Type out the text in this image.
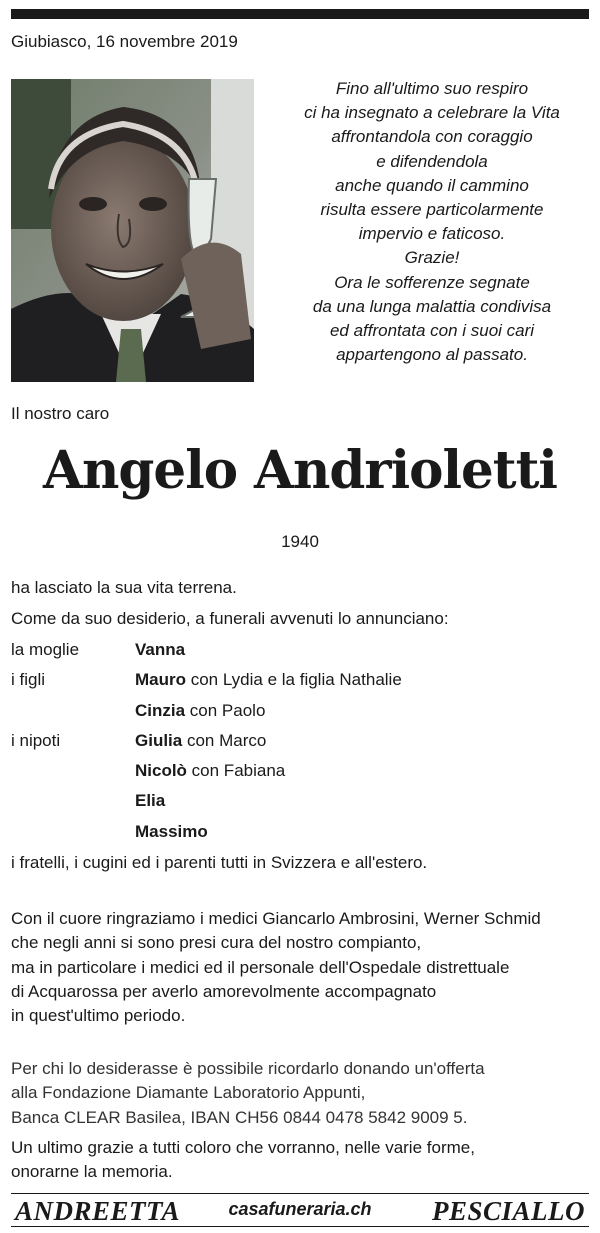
Giubiasco, 16 novembre 2019
Fino all'ultimo suo respiro
ci ha insegnato a celebrare la Vita
affrontandola con coraggio
e difendendola
anche quando il cammino
risulta essere particolarmente
impervio e faticoso.
Grazie!
Ora le sofferenze segnate
da una lunga malattia condivisa
ed affrontata con i suoi cari
appartengono al passato.
Il nostro caro
Angelo Andrioletti
1940
ha lasciato la sua vita terrena.
Come da suo desiderio, a funerali avvenuti lo annunciano:
la moglie	Vanna
i figli	Mauro con Lydia e la figlia Nathalie
Cinzia con Paolo
i nipoti	Giulia con Marco
Nicolò con Fabiana
Elia
Massimo
i fratelli, i cugini ed i parenti tutti in Svizzera e all'estero.
Con il cuore ringraziamo i medici Giancarlo Ambrosini, Werner Schmid
che negli anni si sono presi cura del nostro compianto,
ma in particolare i medici ed il personale dell'Ospedale distrettuale
di Acquarossa per averlo amorevolmente accompagnato
in quest'ultimo periodo.
Per chi lo desiderasse è possibile ricordarlo donando un'offerta
alla Fondazione Diamante Laboratorio Appunti,
Banca CLEAR Basilea, IBAN CH56 0844 0478 5842 9009 5.
Un ultimo grazie a tutti coloro che vorranno, nelle varie forme,
onorarne la memoria.
ANDREETTA	casafuneraria.ch	PESCIALLO
